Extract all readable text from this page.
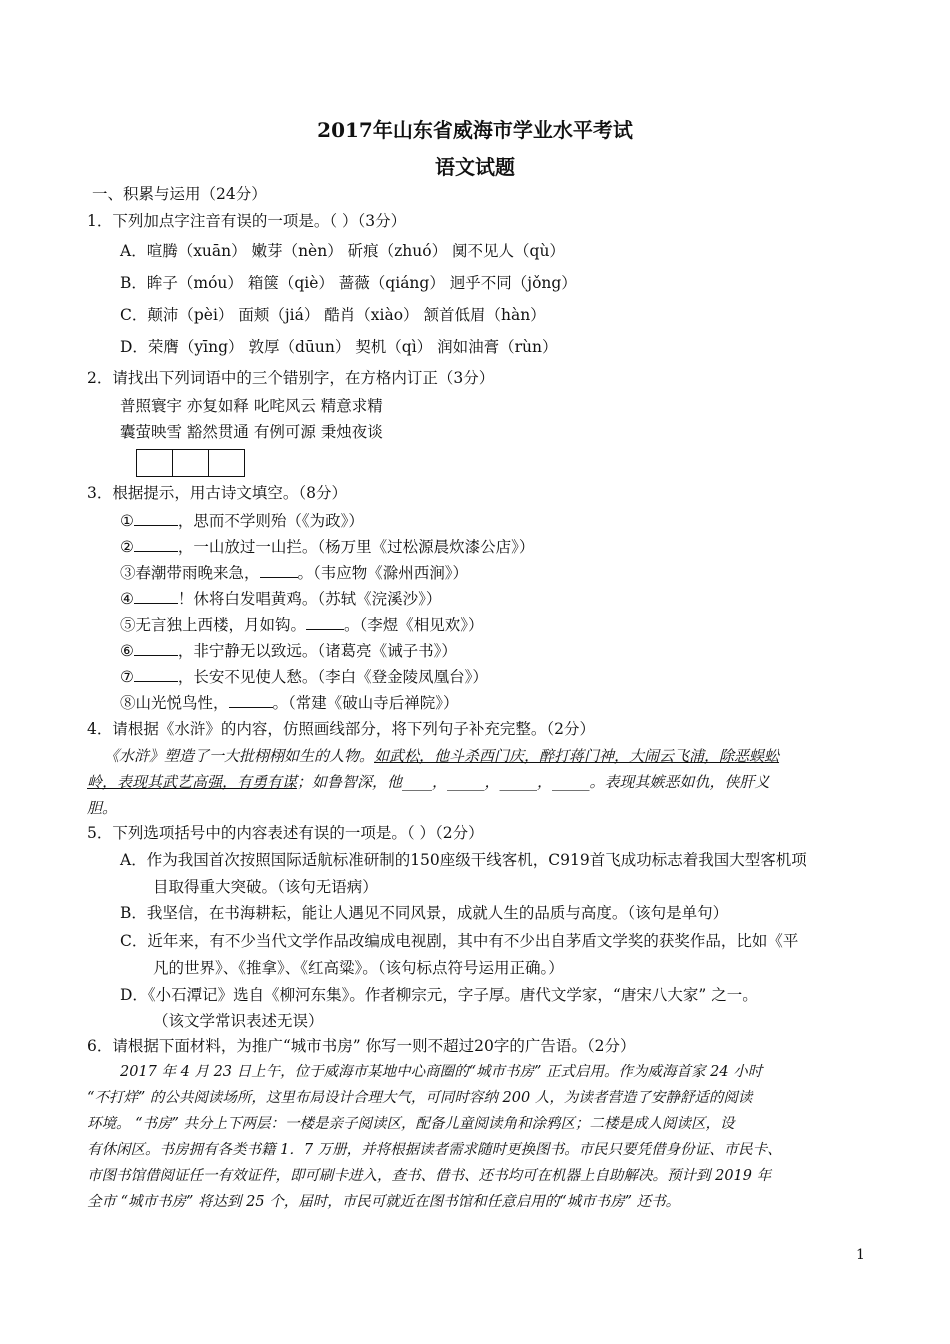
2017年山东省威海市学业水平考试
语文试题
一、积累与运用（24分）
1．下列加点字注音有误的一项是。（ ）（3分）
A．喧腾（xuān） 嫩芽（nèn） 斫痕（zhuó） 阒不见人（qù）
B．眸子（móu） 箱箧（qiè） 蔷薇（qiáng） 迥乎不同（jǒng）
C．颠沛（pèi） 面颊（jiá） 酷肖（xiào） 颔首低眉（hàn）
D．荣膺（yīng） 敦厚（dūun） 契机（qì） 润如油膏（rùn）
2．请找出下列词语中的三个错别字，在方格内订正（3分）
普照寰宇 亦复如释 叱咤风云 精意求精
囊萤映雪 豁然贯通 有例可源 秉烛夜谈
3．根据提示，用古诗文填空。（8分）
①	，思而不学则殆（《为政》）
②	，一山放过一山拦。（杨万里《过松源晨炊漆公店》）
③春潮带雨晚来急， 。（韦应物《滁州西涧》）
④	！休将白发唱黄鸡。（苏轼《浣溪沙》）
⑤无言独上西楼，月如钩。 。（李煜《相见欢》）
⑥	，非宁静无以致远。（诸葛亮《诫子书》）
⑦	，长安不见使人愁。（李白《登金陵凤凰台》）
⑧山光悦鸟性，	。（常建《破山寺后禅院》）
4．请根据《水浒》的内容，仿照画线部分，将下列句子补充完整。（2分）
《水浒》塑造了一大批栩栩如生的人物。如武松，他斗杀西门庆，醉打蒋门神，大闹云飞浦，除恶蜈蚣
岭，表现其武艺高强，有勇有谋；如鲁智深，他____，_____，_____，_____。表现其嫉恶如仇，侠肝义
胆。
5．下列选项括号中的内容表述有误的一项是。（ ）（2分）
A．作为我国首次按照国际适航标准研制的150座级干线客机，C919首飞成功标志着我国大型客机项
目取得重大突破。（该句无语病）
B．我坚信，在书海耕耘，能让人遇见不同风景，成就人生的品质与高度。（该句是单句）
C．近年来，有不少当代文学作品改编成电视剧，其中有不少出自茅盾文学奖的获奖作品，比如《平
凡的世界》、《推拿》、《红高粱》。（该句标点符号运用正确。）
D．《小石潭记》选自《柳河东集》。作者柳宗元，字子厚。唐代文学家，“唐宋八大家” 之一。
（该文学常识表述无误）
6．请根据下面材料，为推广“城市书房” 你写一则不超过20字的广告语。（2分）
2017 年 4 月 23 日上午，位于威海市某地中心商圈的“城市书房” 正式启用。作为威海首家 24 小时
“不打烊” 的公共阅读场所，这里布局设计合理大气，可同时容纳 200 人，为读者营造了安静舒适的阅读
环境。 “书房” 共分上下两层：一楼是亲子阅读区，配备儿童阅读角和涂鸦区；二楼是成人阅读区，设
有休闲区。书房拥有各类书籍 1．7 万册，并将根据读者需求随时更换图书。市民只要凭借身份证、市民卡、
市图书馆借阅证任一有效证件，即可刷卡进入，查书、借书、还书均可在机器上自助解决。预计到 2019 年
全市 “城市书房” 将达到 25 个，届时，市民可就近在图书馆和任意启用的“城市书房” 还书。
1
